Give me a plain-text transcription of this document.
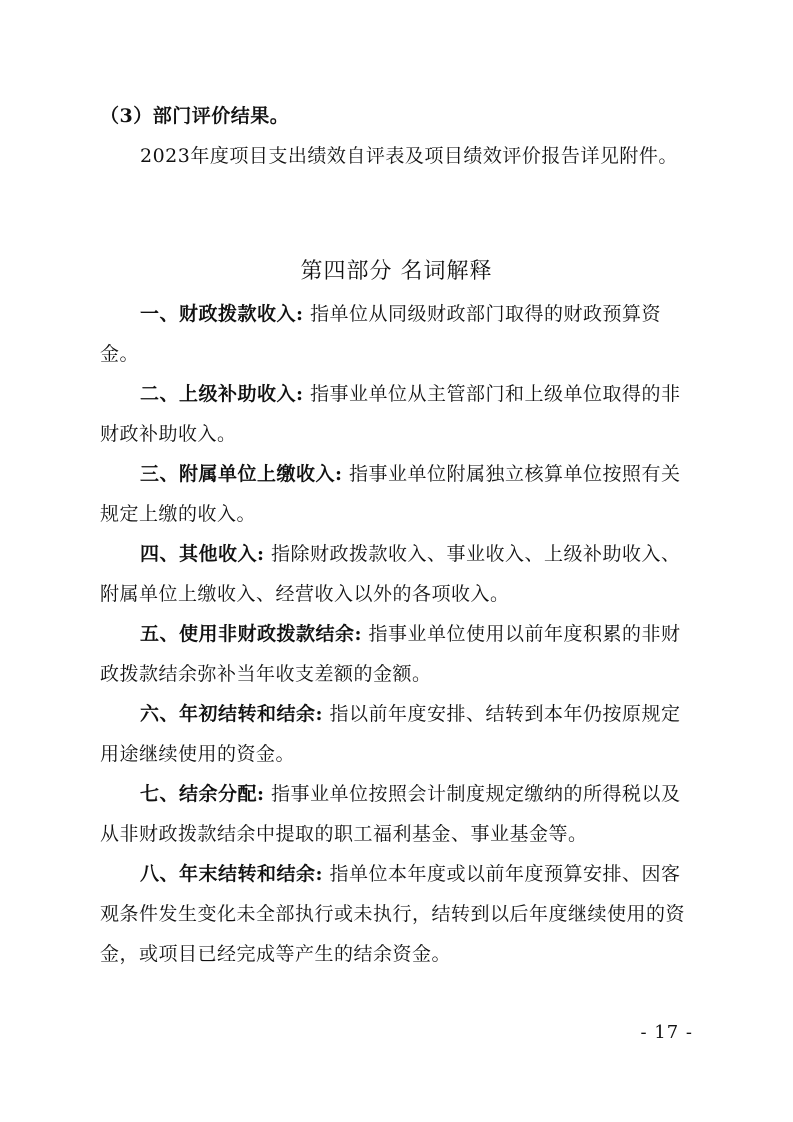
（3）部门评价结果。
2023年度项目支出绩效自评表及项目绩效评价报告详见附件。
第四部分 名词解释
一、财政拨款收入: 指单位从同级财政部门取得的财政预算资金。
二、上级补助收入: 指事业单位从主管部门和上级单位取得的非财政补助收入。
三、附属单位上缴收入: 指事业单位附属独立核算单位按照有关规定上缴的收入。
四、其他收入: 指除财政拨款收入、事业收入、上级补助收入、附属单位上缴收入、经营收入以外的各项收入。
五、使用非财政拨款结余: 指事业单位使用以前年度积累的非财政拨款结余弥补当年收支差额的金额。
六、年初结转和结余: 指以前年度安排、结转到本年仍按原规定用途继续使用的资金。
七、结余分配: 指事业单位按照会计制度规定缴纳的所得税以及从非财政拨款结余中提取的职工福利基金、事业基金等。
八、年末结转和结余: 指单位本年度或以前年度预算安排、因客观条件发生变化未全部执行或未执行，结转到以后年度继续使用的资金，或项目已经完成等产生的结余资金。
- 17 -
